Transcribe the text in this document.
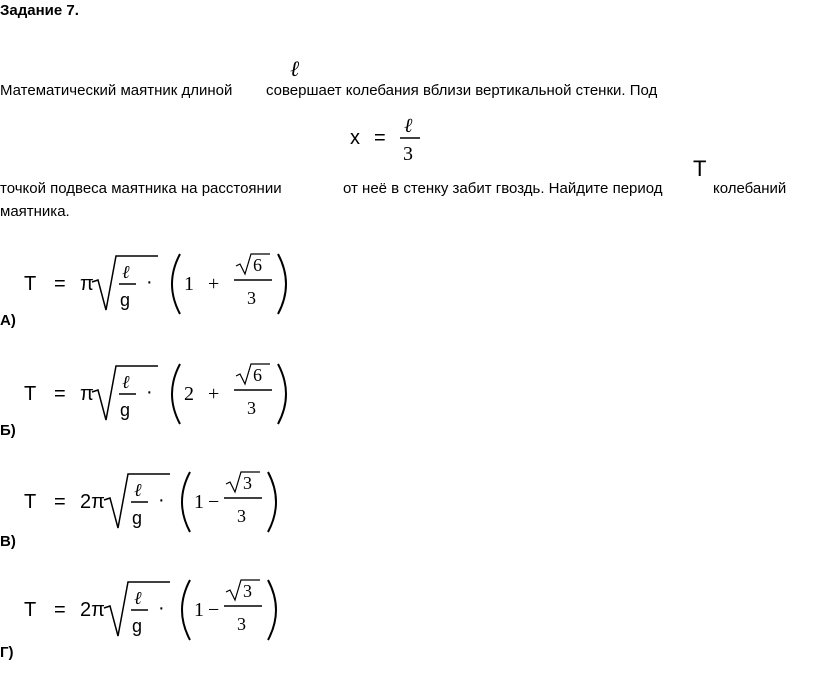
Задание 7.
ℓ
Математический маятник длиной совершает колебания вблизи вертикальной стенки. Под
x =
ℓ
3
T
точкой подвеса маятника на расстоянии	от неё в стенку забит гвоздь. Найдите период	колебаний
маятника.
T = π
ℓ
g
· 1 +
6
3
А)
T = π
ℓ
g
· 2 +
6
3
Б)
T = 2π
ℓ
g
· 1 −
3
3
В)
T = 2π
ℓ
g
· 1 −
3
3
Г)
